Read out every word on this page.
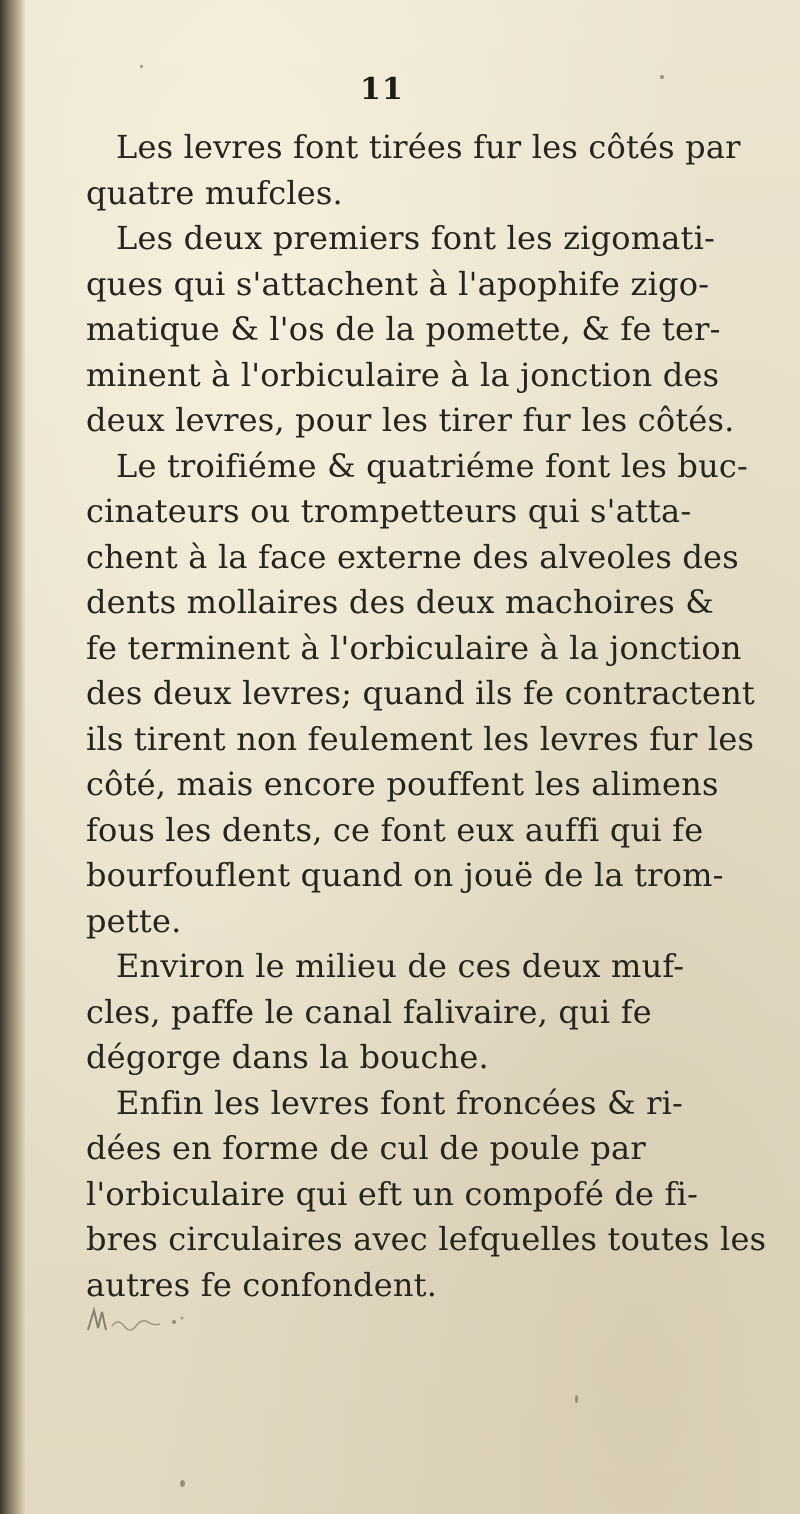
11
Les levres font tirées fur les côtés par
quatre mufcles.
Les deux premiers font les zigomati-
ques qui s'attachent à l'apophife zigo-
matique & l'os de la pomette, & fe ter-
minent à l'orbiculaire à la jonction des
deux levres, pour les tirer fur les côtés.
Le troifiéme & quatriéme font les buc-
cinateurs ou trompetteurs qui s'atta-
chent à la face externe des alveoles des
dents mollaires des deux machoires &
fe terminent à l'orbiculaire à la jonction
des deux levres; quand ils fe contractent
ils tirent non feulement les levres fur les
côté, mais encore pouffent les alimens
fous les dents, ce font eux auffi qui fe
bourfouflent quand on jouë de la trom-
pette.
Environ le milieu de ces deux muf-
cles, paffe le canal falivaire, qui fe
dégorge dans la bouche.
Enfin les levres font froncées & ri-
dées en forme de cul de poule par
l'orbiculaire qui eft un compofé de fi-
bres circulaires avec lefquelles toutes les
autres fe confondent.
